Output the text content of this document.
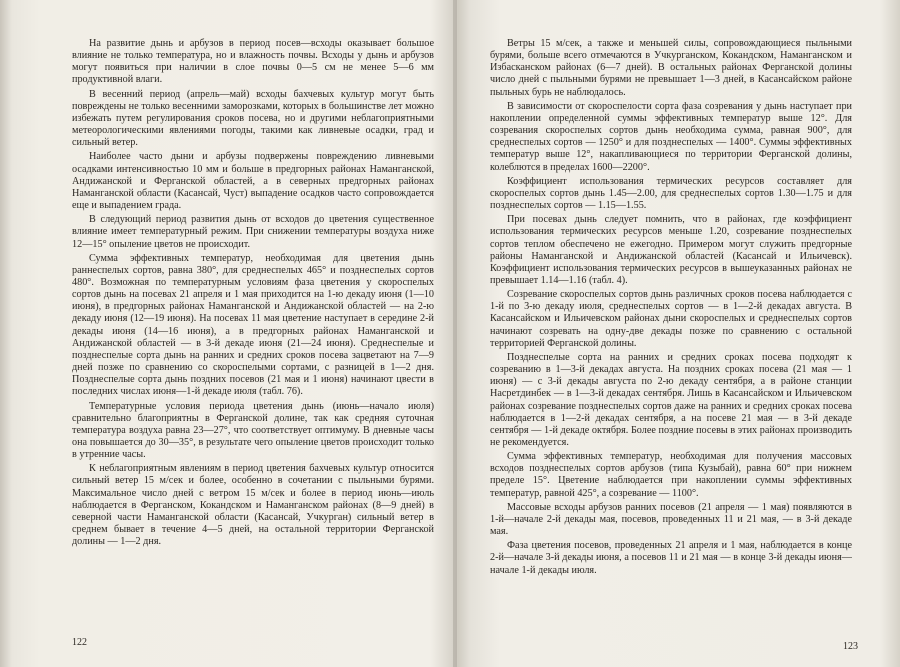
На развитие дынь и арбузов в период посев—всходы оказывает большое влияние не только температура, но и влажность почвы. Всходы у дынь и арбузов могут появиться при наличии в слое почвы 0—5 см не менее 5—6 мм продуктивной влаги.

В весенний период (апрель—май) всходы бахчевых культур могут быть повреждены не только весенними заморозками, которых в большинстве лет можно избежать путем регулирования сроков посева, но и другими неблагоприятными метеорологическими явлениями погоды, такими как ливневые осадки, град и сильный ветер.

Наиболее часто дыни и арбузы подвержены повреждению ливневыми осадками интенсивностью 10 мм и больше в предгорных районах Наманганской, Андижанской и Ферганской областей, а в северных предгорных районах Наманганской области (Касансай, Чуст) выпадение осадков часто сопровождается еще и выпадением града.

В следующий период развития дынь от всходов до цветения существенное влияние имеет температурный режим. При снижении температуры воздуха ниже 12—15° опыление цветов не происходит.

Сумма эффективных температур, необходимая для цветения дынь раннеспелых сортов, равна 380°, для среднеспелых 465° и позднеспелых сортов 480°. Возможная по температурным условиям фаза цветения у скороспелых сортов дынь на посевах 21 апреля и 1 мая приходится на 1-ю декаду июня (1—10 июня), в предгорных районах Наманганской и Андижанской областей — на 2-ю декаду июня (12—19 июня). На посевах 11 мая цветение наступает в середине 2-й декады июня (14—16 июня), а в предгорных районах Наманганской и Андижанской областей — в 3-й декаде июня (21—24 июня). Среднеспелые и позднеспелые сорта дынь на ранних и средних сроков посева зацветают на 7—9 дней позже по сравнению со скороспелыми сортами, с разницей в 1—2 дня. Позднеспелые сорта дынь поздних посевов (21 мая и 1 июня) начинают цвести в последних числах июня—1-й декаде июля (табл. 76).

Температурные условия периода цветения дынь (июнь—начало июля) сравнительно благоприятны в Ферганской долине, так как средняя суточная температура воздуха равна 23—27°, что соответствует оптимуму. В дневные часы она повышается до 30—35°, в результате чего опыление цветов происходит только в утренние часы.

К неблагоприятным явлениям в период цветения бахчевых культур относится сильный ветер 15 м/сек и более, особенно в сочетании с пыльными бурями. Максимальное число дней с ветром 15 м/сек и более в период июнь—июль наблюдается в Ферганском, Кокандском и Наманганском районах (8—9 дней) в северной части Наманганской области (Касансай, Учкурган) сильный ветер в среднем бывает в течение 4—5 дней, на остальной территории Ферганской долины — 1—2 дня.

122

Ветры 15 м/сек, а также и меньшей силы, сопровождающиеся пыльными бурями, больше всего отмечаются в Учкурганском, Кокандском, Наманганском и Избасканском районах (6—7 дней). В остальных районах Ферганской долины число дней с пыльными бурями не превышает 1—3 дней, в Касансайском районе пыльных бурь не наблюдалось.

В зависимости от скороспелости сорта фаза созревания у дынь наступает при накоплении определенной суммы эффективных температур выше 12°. Для созревания скороспелых сортов дынь необходима сумма, равная 900°, для среднеспелых сортов — 1250° и для позднеспелых — 1400°. Суммы эффективных температур выше 12°, накапливающиеся по территории Ферганской долины, колеблются в пределах 1600—2200°.

Коэффициент использования термических ресурсов составляет для скороспелых сортов дынь 1.45—2.00, для среднеспелых сортов 1.30—1.75 и для позднеспелых сортов — 1.15—1.55.

При посевах дынь следует помнить, что в районах, где коэффициент использования термических ресурсов меньше 1.20, созревание позднеспелых сортов теплом обеспечено не ежегодно. Примером могут служить предгорные районы Наманганской и Андижанской областей (Касансай и Ильичевск). Коэффициент использования термических ресурсов в вышеуказанных районах не превышает 1.14—1.16 (табл. 4).

Созревание скороспелых сортов дынь различных сроков посева наблюдается с 1-й по 3-ю декаду июля, среднеспелых сортов — в 1—2-й декадах августа. В Касансайском и Ильичевском районах дыни скороспелых и среднеспелых сортов начинают созревать на одну-две декады позже по сравнению с остальной территорией Ферганской долины.

Позднеспелые сорта на ранних и средних сроках посева подходят к созреванию в 1—3-й декадах августа. На поздних сроках посева (21 мая — 1 июня) — с 3-й декады августа по 2-ю декаду сентября, а в районе станции Насретдинбек — в 1—3-й декадах сентября. Лишь в Касансайском и Ильичевском районах созревание позднеспелых сортов даже на ранних и средних сроках посева наблюдается в 1—2-й декадах сентября, а на посеве 21 мая — в 3-й декаде сентября — 1-й декаде октября. Более поздние посевы в этих районах производить не рекомендуется.

Сумма эффективных температур, необходимая для получения массовых всходов позднеспелых сортов арбузов (типа Кузыбай), равна 60° при нижнем пределе 15°. Цветение наблюдается при накоплении суммы эффективных температур, равной 425°, а созревание — 1100°.

Массовые всходы арбузов ранних посевов (21 апреля — 1 мая) появляются в 1-й—начале 2-й декады мая, посевов, проведенных 11 и 21 мая, — в 3-й декаде мая.

Фаза цветения посевов, проведенных 21 апреля и 1 мая, наблюдается в конце 2-й—начале 3-й декады июня, а посевов 11 и 21 мая — в конце 3-й декады июня—начале 1-й декады июля.

123
